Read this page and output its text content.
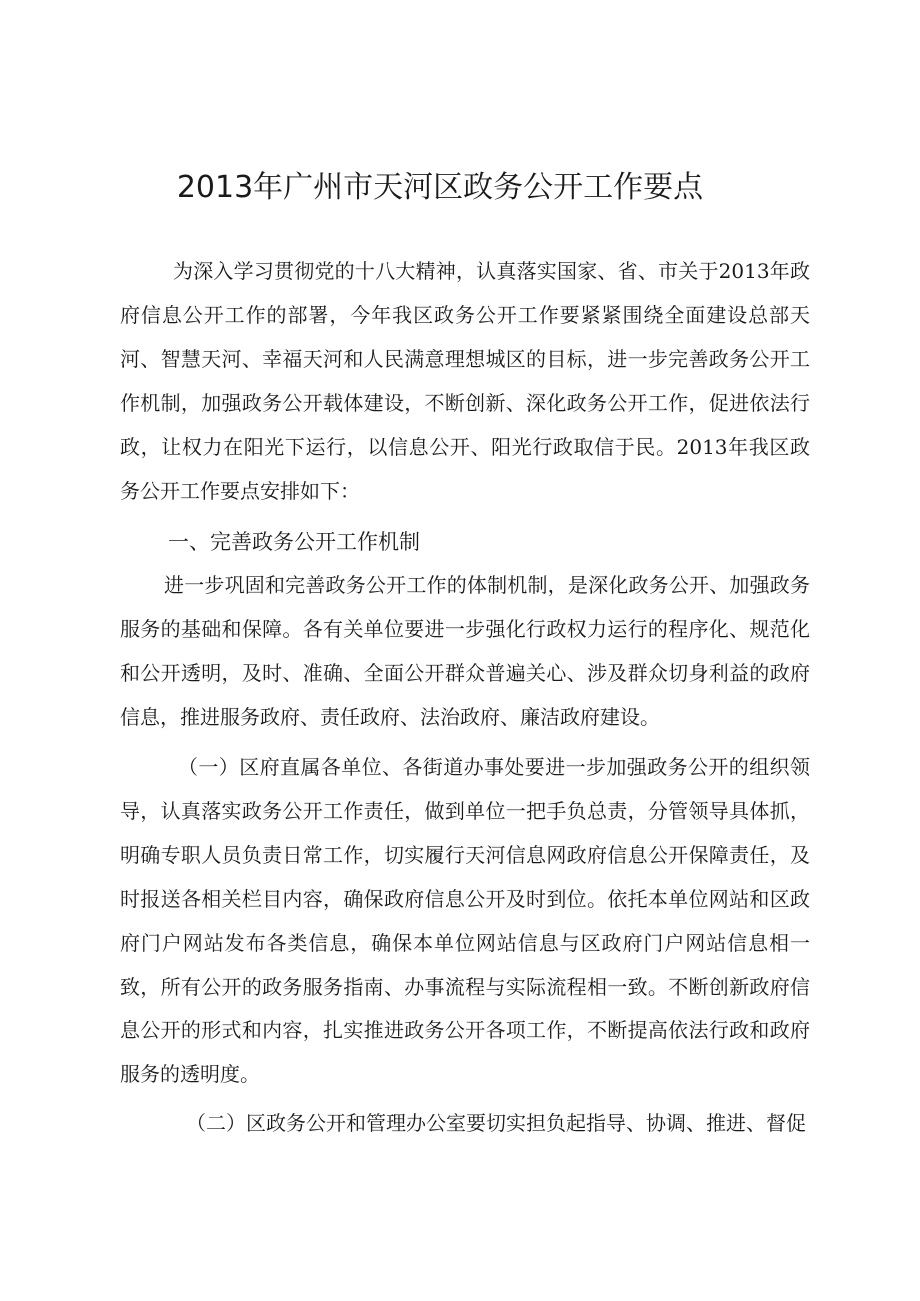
2013年广州市天河区政务公开工作要点
为深入学习贯彻党的十八大精神，认真落实国家、省、市关于2013年政府信息公开工作的部署，今年我区政务公开工作要紧紧围绕全面建设总部天河、智慧天河、幸福天河和人民满意理想城区的目标，进一步完善政务公开工作机制，加强政务公开载体建设，不断创新、深化政务公开工作，促进依法行政，让权力在阳光下运行，以信息公开、阳光行政取信于民。2013年我区政务公开工作要点安排如下：
一、完善政务公开工作机制
进一步巩固和完善政务公开工作的体制机制，是深化政务公开、加强政务服务的基础和保障。各有关单位要进一步强化行政权力运行的程序化、规范化和公开透明，及时、准确、全面公开群众普遍关心、涉及群众切身利益的政府信息，推进服务政府、责任政府、法治政府、廉洁政府建设。
（一）区府直属各单位、各街道办事处要进一步加强政务公开的组织领导，认真落实政务公开工作责任，做到单位一把手负总责，分管领导具体抓，明确专职人员负责日常工作，切实履行天河信息网政府信息公开保障责任，及时报送各相关栏目内容，确保政府信息公开及时到位。依托本单位网站和区政府门户网站发布各类信息，确保本单位网站信息与区政府门户网站信息相一致，所有公开的政务服务指南、办事流程与实际流程相一致。不断创新政府信息公开的形式和内容，扎实推进政务公开各项工作，不断提高依法行政和政府服务的透明度。
（二）区政务公开和管理办公室要切实担负起指导、协调、推进、督促
